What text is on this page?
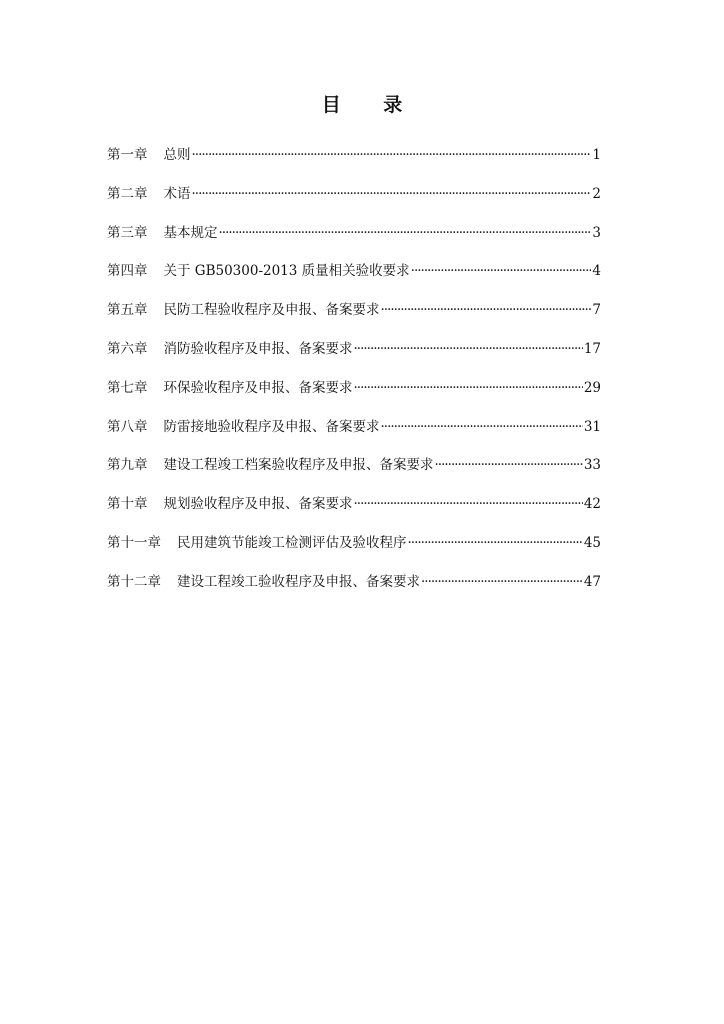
目 录
第一章 总则 ·····	1
第二章 术语 ·····	2
第三章 基本规定 ·····	3
第四章 关于 GB50300-2013 质量相关验收要求 ·····	4
第五章 民防工程验收程序及申报、备案要求 ·····	7
第六章 消防验收程序及申报、备案要求 ·····	17
第七章 环保验收程序及申报、备案要求 ·····	29
第八章 防雷接地验收程序及申报、备案要求 ·····	31
第九章 建设工程竣工档案验收程序及申报、备案要求 ·····	33
第十章 规划验收程序及申报、备案要求 ·····	42
第十一章 民用建筑节能竣工检测评估及验收程序 ·····	45
第十二章 建设工程竣工验收程序及申报、备案要求 ·····	47
